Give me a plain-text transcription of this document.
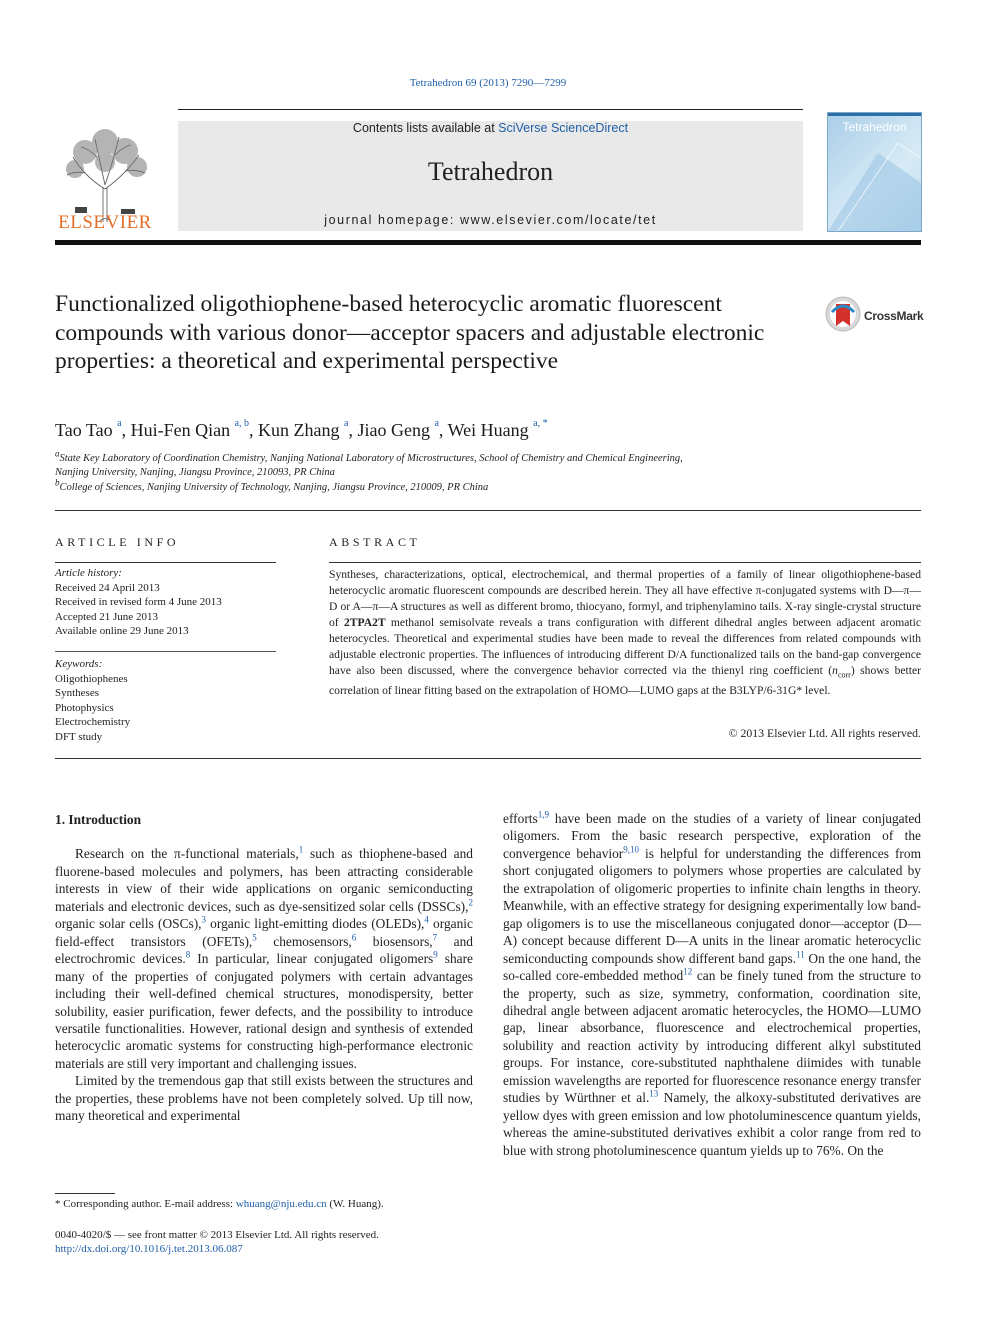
Tetrahedron 69 (2013) 7290—7299
ELSEVIER
Contents lists available at SciVerse ScienceDirect
Tetrahedron
journal homepage: www.elsevier.com/locate/tet
Tetrahedron
Functionalized oligothiophene-based heterocyclic aromatic fluorescent compounds with various donor—acceptor spacers and adjustable electronic properties: a theoretical and experimental perspective
CrossMark
Tao Tao $^a$, Hui-Fen Qian $^{a, b}$, Kun Zhang $^a$, Jiao Geng $^a$, Wei Huang $^{a, *}$
$^a$State Key Laboratory of Coordination Chemistry, Nanjing National Laboratory of Microstructures, School of Chemistry and Chemical Engineering,
Nanjing University, Nanjing, Jiangsu Province, 210093, PR China
$^b$College of Sciences, Nanjing University of Technology, Nanjing, Jiangsu Province, 210009, PR China
ARTICLE INFO
Article history:
Received 24 April 2013
Received in revised form 4 June 2013
Accepted 21 June 2013
Available online 29 June 2013
Keywords:
Oligothiophenes
Syntheses
Photophysics
Electrochemistry
DFT study
ABSTRACT
Syntheses, characterizations, optical, electrochemical, and thermal properties of a family of linear oligothiophene-based heterocyclic aromatic fluorescent compounds are described herein. They all have effective π-conjugated systems with D—π—D or A—π—A structures as well as different bromo, thiocyano, formyl, and triphenylamino tails. X-ray single-crystal structure of 2TPA2T methanol semisolvate reveals a trans configuration with different dihedral angles between adjacent aromatic heterocycles. Theoretical and experimental studies have been made to reveal the differences from related compounds with adjustable electronic properties. The influences of introducing different D/A functionalized tails on the band-gap convergence have also been discussed, where the convergence behavior corrected via the thienyl ring coefficient $(n_{corr})$ shows better correlation of linear fitting based on the extrapolation of HOMO—LUMO gaps at the B3LYP/6-31G* level.
© 2013 Elsevier Ltd. All rights reserved.
1. Introduction

Research on the π-functional materials,$^1$ such as thiophene-based and fluorene-based molecules and polymers, has been attracting considerable interests in view of their wide applications on organic semiconducting materials and electronic devices, such as dye-sensitized solar cells (DSSCs),$^2$ organic solar cells (OSCs),$^3$ organic light-emitting diodes (OLEDs),$^4$ organic field-effect transistors (OFETs),$^5$ chemosensors,$^6$ biosensors,$^7$ and electrochromic devices.$^8$ In particular, linear conjugated oligomers$^9$ share many of the properties of conjugated polymers with certain advantages including their well-defined chemical structures, monodispersity, better solubility, easier purification, fewer defects, and the possibility to introduce versatile functionalities. However, rational design and synthesis of extended heterocyclic aromatic systems for constructing high-performance electronic materials are still very important and challenging issues.

Limited by the tremendous gap that still exists between the structures and the properties, these problems have not been completely solved. Up till now, many theoretical and experimental

efforts$^{1,9}$ have been made on the studies of a variety of linear conjugated oligomers. From the basic research perspective, exploration of the convergence behavior$^{9,10}$ is helpful for understanding the differences from short conjugated oligomers to polymers whose properties are calculated by the extrapolation of oligomeric properties to infinite chain lengths in theory. Meanwhile, with an effective strategy for designing experimentally low band-gap oligomers is to use the miscellaneous conjugated donor—acceptor (D—A) concept because different D—A units in the linear aromatic heterocyclic semiconducting compounds show different band gaps.$^{11}$ On the one hand, the so-called core-embedded method$^{12}$ can be finely tuned from the structure to the property, such as size, symmetry, conformation, coordination site, dihedral angle between adjacent aromatic heterocycles, the HOMO—LUMO gap, linear absorbance, fluorescence and electrochemical properties, solubility and reaction activity by introducing different alkyl substituted groups. For instance, core-substituted naphthalene diimides with tunable emission wavelengths are reported for fluorescence resonance energy transfer studies by Würthner et al.$^{13}$ Namely, the alkoxy-substituted derivatives are yellow dyes with green emission and low photoluminescence quantum yields, whereas the amine-substituted derivatives exhibit a color range from red to blue with strong photoluminescence quantum yields up to 76%. On the

* Corresponding author. E-mail address: whuang@nju.edu.cn (W. Huang).
0040-4020/$ — see front matter © 2013 Elsevier Ltd. All rights reserved.
http://dx.doi.org/10.1016/j.tet.2013.06.087
